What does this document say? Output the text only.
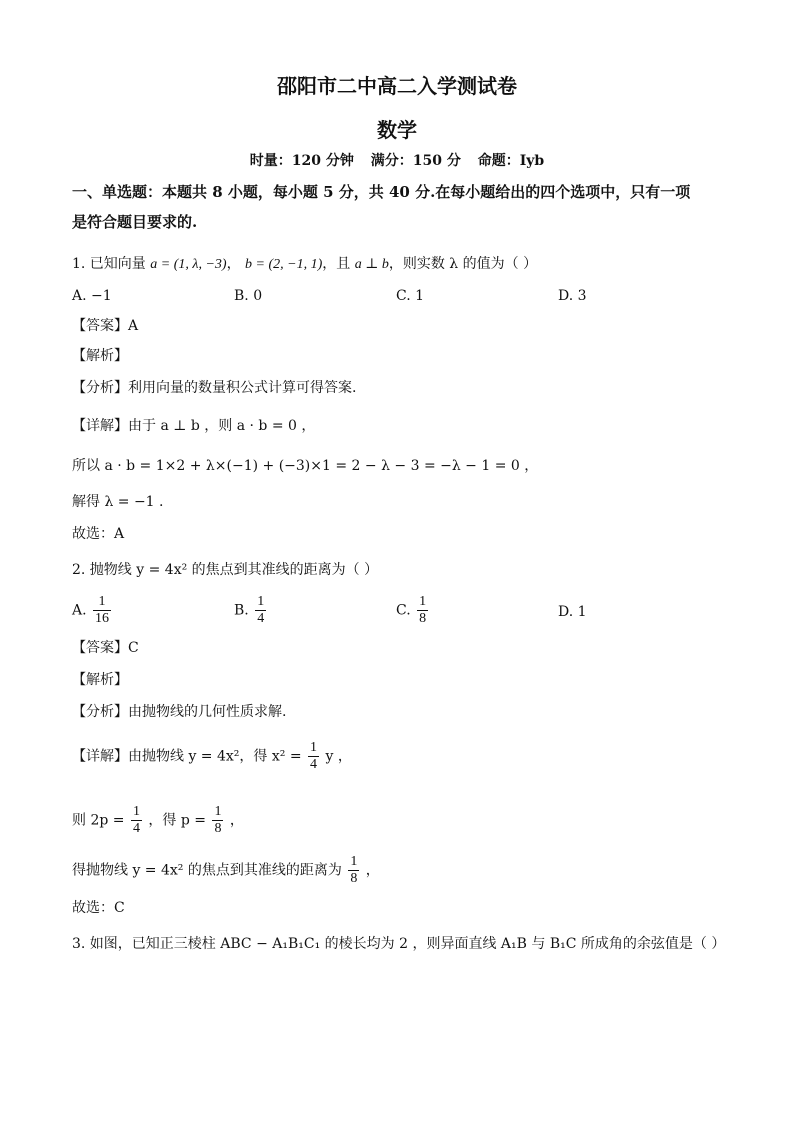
邵阳市二中高二入学测试卷
数学
时量：120 分钟 满分：150 分 命题：Iyb
一、单选题：本题共 8 小题，每小题 5 分，共 40 分.在每小题给出的四个选项中，只有一项
是符合题目要求的.
1. 已知向量 a = (1, λ, −3)， b = (2, −1, 1)，且 a ⊥ b，则实数 λ 的值为（ ）
A. −1	B. 0	C. 1	D. 3
【答案】A
【解析】
【分析】利用向量的数量积公式计算可得答案.
【详解】由于 a ⊥ b ，则 a · b = 0 ，
所以 a · b = 1×2 + λ×(−1) + (−3)×1 = 2 − λ − 3 = −λ − 1 = 0 ，
解得 λ = −1 .
故选：A
2. 抛物线 y = 4x² 的焦点到其准线的距离为（ ）
A. $\frac{1}{16}$	B. $\frac{1}{4}$	C. $\frac{1}{8}$	D. 1
【答案】C
【解析】
【分析】由抛物线的几何性质求解.
【详解】由抛物线 y = 4x²，得 $x^2 = \frac{1}{4}$ y ，
则 $2p = \frac{1}{4}$ ，得 $p = \frac{1}{8}$ ，
得抛物线 y = 4x² 的焦点到其准线的距离为 $\frac{1}{8}$ ，
故选：C
3. 如图，已知正三棱柱 ABC − A₁B₁C₁ 的棱长均为 2 ，则异面直线 A₁B 与 B₁C 所成角的余弦值是（ ）
